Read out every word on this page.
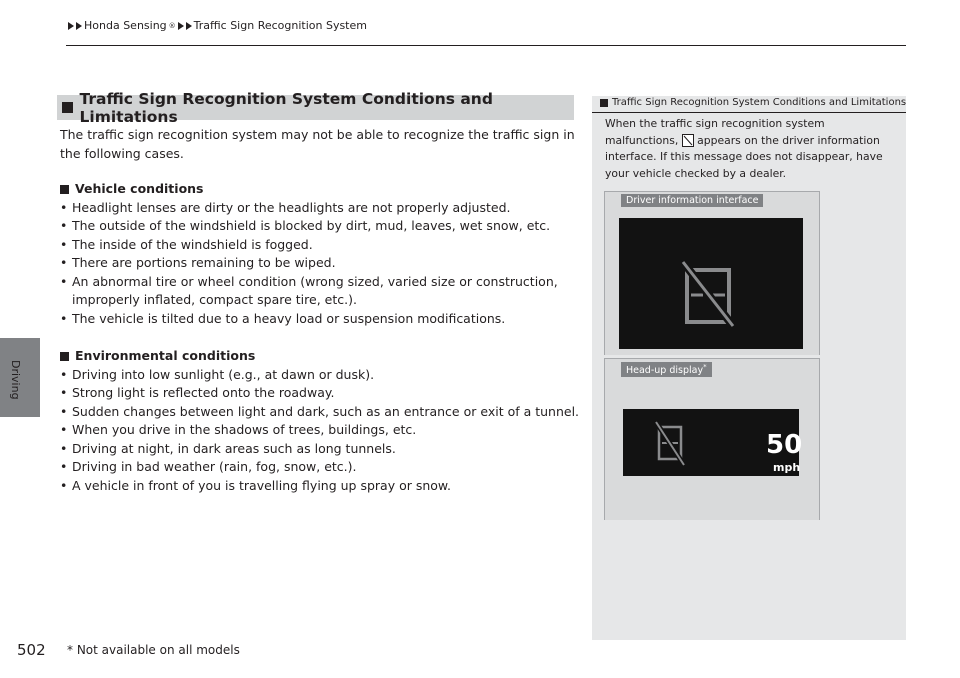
Honda Sensing ® Traffic Sign Recognition System
Driving
Traffic Sign Recognition System Conditions and Limitations
The traffic sign recognition system may not be able to recognize the traffic sign in the following cases.
Vehicle conditions
• Headlight lenses are dirty or the headlights are not properly adjusted.
• The outside of the windshield is blocked by dirt, mud, leaves, wet snow, etc.
• The inside of the windshield is fogged.
• There are portions remaining to be wiped.
• An abnormal tire or wheel condition (wrong sized, varied size or construction, improperly inflated, compact spare tire, etc.).
• The vehicle is tilted due to a heavy load or suspension modifications.
Environmental conditions
• Driving into low sunlight (e.g., at dawn or dusk).
• Strong light is reflected onto the roadway.
• Sudden changes between light and dark, such as an entrance or exit of a tunnel.
• When you drive in the shadows of trees, buildings, etc.
• Driving at night, in dark areas such as long tunnels.
• Driving in bad weather (rain, fog, snow, etc.).
• A vehicle in front of you is travelling flying up spray or snow.
Traffic Sign Recognition System Conditions and Limitations
When the traffic sign recognition system malfunctions,  appears on the driver information interface. If this message does not disappear, have your vehicle checked by a dealer.
Driver information interface
Head-up display*
50
mph
502 * Not available on all models
